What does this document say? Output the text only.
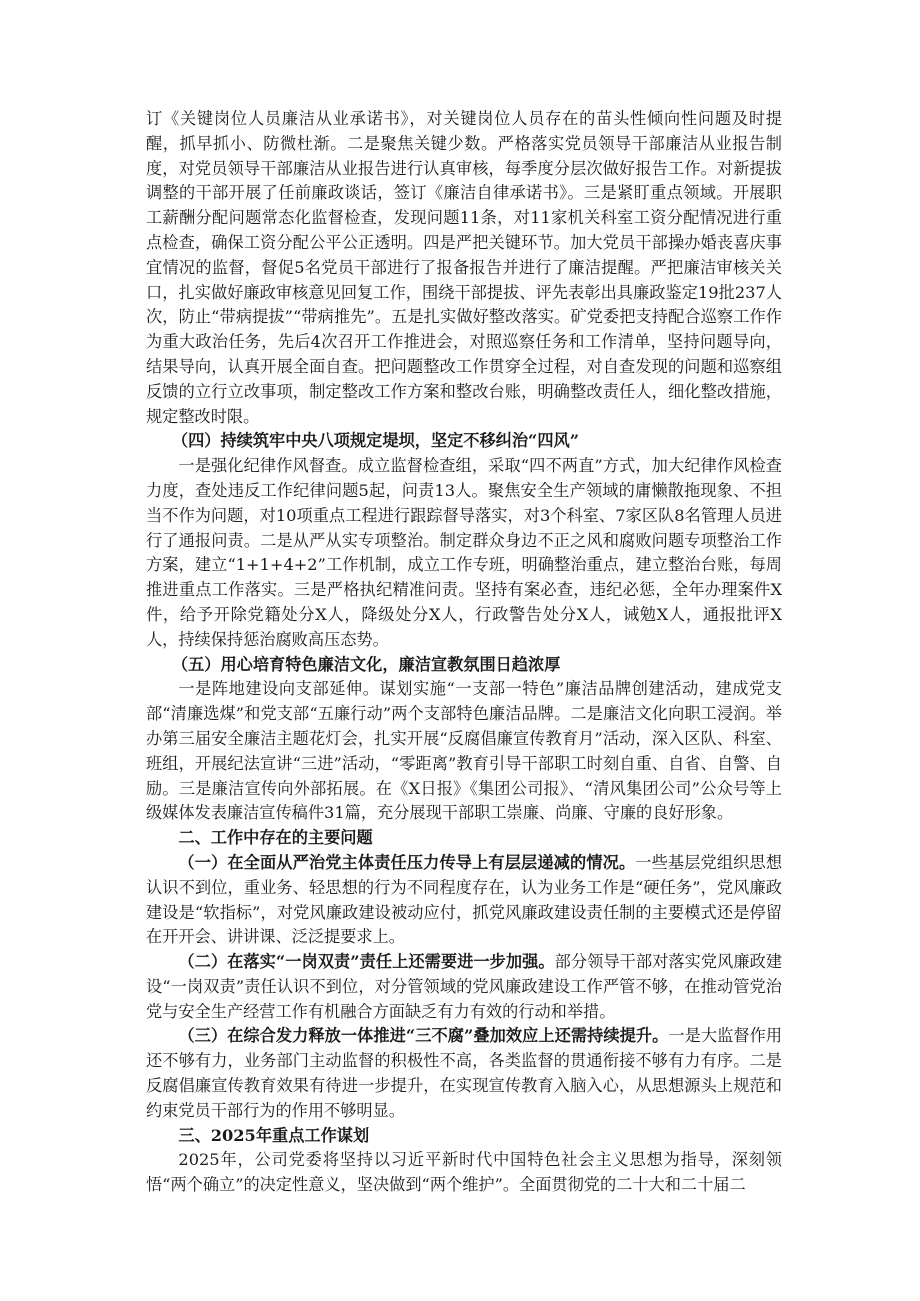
订《关键岗位人员廉洁从业承诺书》，对关键岗位人员存在的苗头性倾向性问题及时提醒，抓早抓小、防微杜渐。二是聚焦关键少数。严格落实党员领导干部廉洁从业报告制度，对党员领导干部廉洁从业报告进行认真审核，每季度分层次做好报告工作。对新提拔调整的干部开展了任前廉政谈话，签订《廉洁自律承诺书》。三是紧盯重点领域。开展职工薪酬分配问题常态化监督检查，发现问题11条，对11家机关科室工资分配情况进行重点检查，确保工资分配公平公正透明。四是严把关键环节。加大党员干部操办婚丧喜庆事宜情况的监督，督促5名党员干部进行了报备报告并进行了廉洁提醒。严把廉洁审核关关口，扎实做好廉政审核意见回复工作，围绕干部提拔、评先表彰出具廉政鉴定19批237人次，防止“带病提拔”“带病推先”。五是扎实做好整改落实。矿党委把支持配合巡察工作作为重大政治任务，先后4次召开工作推进会，对照巡察任务和工作清单，坚持问题导向，结果导向，认真开展全面自查。把问题整改工作贯穿全过程，对自查发现的问题和巡察组反馈的立行立改事项，制定整改工作方案和整改台账，明确整改责任人，细化整改措施，规定整改时限。

（四）持续筑牢中央八项规定堤坝，坚定不移纠治“四风”

一是强化纪律作风督查。成立监督检查组，采取“四不两直”方式，加大纪律作风检查力度，查处违反工作纪律问题5起，问责13人。聚焦安全生产领域的庸懒散拖现象、不担当不作为问题，对10项重点工程进行跟踪督导落实，对3个科室、7家区队8名管理人员进行了通报问责。二是从严从实专项整治。制定群众身边不正之风和腐败问题专项整治工作方案，建立“1+1+4+2”工作机制，成立工作专班，明确整治重点，建立整治台账，每周推进重点工作落实。三是严格执纪精准问责。坚持有案必查，违纪必惩，全年办理案件X件，给予开除党籍处分X人，降级处分X人，行政警告处分X人，诫勉X人，通报批评X人，持续保持惩治腐败高压态势。

（五）用心培育特色廉洁文化，廉洁宣教氛围日趋浓厚

一是阵地建设向支部延伸。谋划实施“一支部一特色”廉洁品牌创建活动，建成党支部“清廉选煤”和党支部“五廉行动”两个支部特色廉洁品牌。二是廉洁文化向职工浸润。举办第三届安全廉洁主题花灯会，扎实开展“反腐倡廉宣传教育月”活动，深入区队、科室、班组，开展纪法宣讲“三进”活动，“零距离”教育引导干部职工时刻自重、自省、自警、自励。三是廉洁宣传向外部拓展。在《X日报》《集团公司报》、“清风集团公司”公众号等上级媒体发表廉洁宣传稿件31篇，充分展现干部职工崇廉、尚廉、守廉的良好形象。

二、工作中存在的主要问题

（一）在全面从严治党主体责任压力传导上有层层递减的情况。一些基层党组织思想认识不到位，重业务、轻思想的行为不同程度存在，认为业务工作是“硬任务”，党风廉政建设是“软指标”，对党风廉政建设被动应付，抓党风廉政建设责任制的主要模式还是停留在开开会、讲讲课、泛泛提要求上。

（二）在落实“一岗双责”责任上还需要进一步加强。部分领导干部对落实党风廉政建设“一岗双责”责任认识不到位，对分管领域的党风廉政建设工作严管不够，在推动管党治党与安全生产经营工作有机融合方面缺乏有力有效的行动和举措。

（三）在综合发力释放一体推进“三不腐”叠加效应上还需持续提升。一是大监督作用还不够有力，业务部门主动监督的积极性不高，各类监督的贯通衔接不够有力有序。二是反腐倡廉宣传教育效果有待进一步提升，在实现宣传教育入脑入心，从思想源头上规范和约束党员干部行为的作用不够明显。

三、2025年重点工作谋划

2025年，公司党委将坚持以习近平新时代中国特色社会主义思想为指导，深刻领悟“两个确立”的决定性意义，坚决做到“两个维护”。全面贯彻党的二十大和二十届二
